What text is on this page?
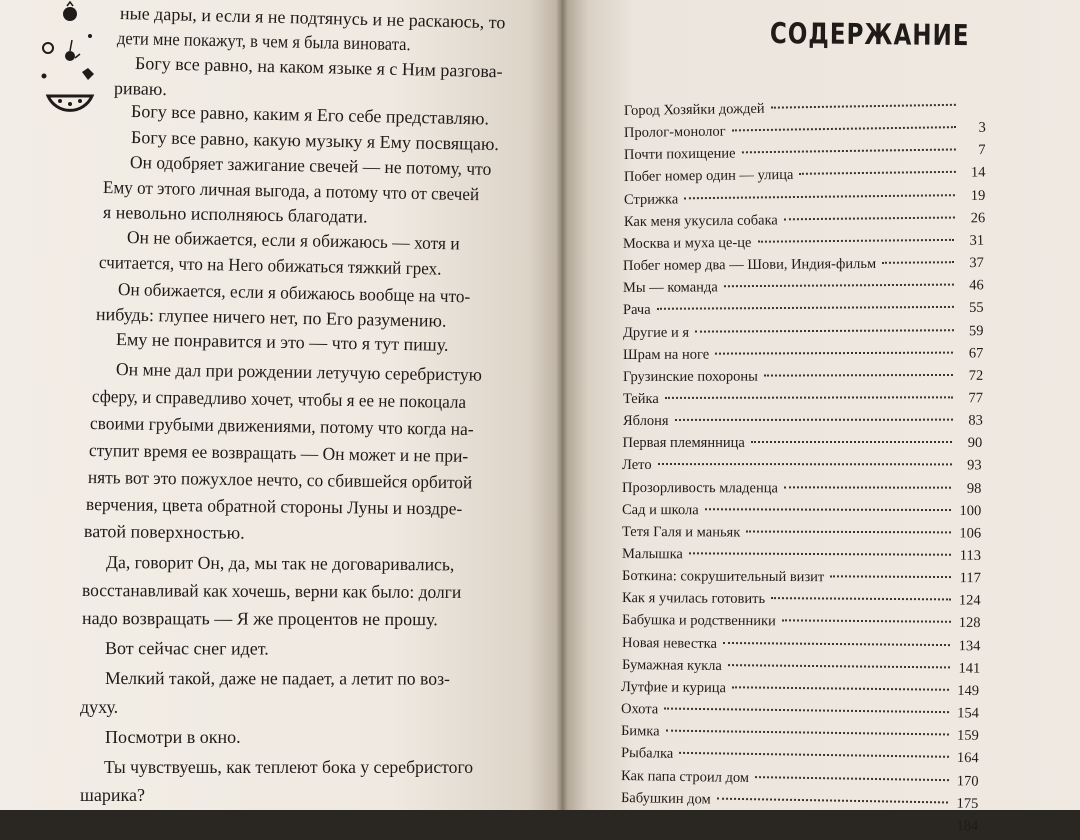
ные дары, и если я не подтянусь и не раскаюсь, то

дети мне покажут, в чем я была виновата.

Богу все равно, на каком языке я с Ним разгова-

риваю.

Богу все равно, каким я Его себе представляю.

Богу все равно, какую музыку я Ему посвящаю.

Он одобряет зажигание свечей — не потому, что

Ему от этого личная выгода, а потому что от свечей

я невольно исполняюсь благодати.

Он не обижается, если я обижаюсь — хотя и

считается, что на Него обижаться тяжкий грех.

Он обижается, если я обижаюсь вообще на что-

нибудь: глупее ничего нет, по Его разумению.

Ему не понравится и это — что я тут пишу.

Он мне дал при рождении летучую серебристую

сферу, и справедливо хочет, чтобы я ее не покоцала

своими грубыми движениями, потому что когда на-

ступит время ее возвращать — Он может и не при-

нять вот это пожухлое нечто, со сбившейся орбитой

верчения, цвета обратной стороны Луны и ноздре-

ватой поверхностью.

Да, говорит Он, да, мы так не договаривались,

восстанавливай как хочешь, верни как было: долги

надо возвращать — Я же процентов не прошу.

Вот сейчас снег идет.

Мелкий такой, даже не падает, а летит по воз-

духу.

Посмотри в окно.

Ты чувствуешь, как теплеют бока у серебристого

шарика?

СОДЕРЖАНИЕ
Город Хозяйки дождей
Пролог-монолог	3
Почти похищение	7
Побег номер один — улица	14
Стрижка	19
Как меня укусила собака	26
Москва и муха це-це	31
Побег номер два — Шови, Индия-фильм	37
Мы — команда	46
Рача	55
Другие и я	59
Шрам на ноге	67
Грузинские похороны	72
Тейка	77
Яблоня	83
Первая племянница	90
Лето	93
Прозорливость младенца	98
Сад и школа	100
Тетя Галя и маньяк	106
Малышка	113
Боткина: сокрушительный визит	117
Как я училась готовить	124
Бабушка и родственники	128
Новая невестка	134
Бумажная кукла	141
Лутфие и курица	149
Охота	154
Бимка	159
Рыбалка	164
Как папа строил дом	170
Бабушкин дом	175
184
